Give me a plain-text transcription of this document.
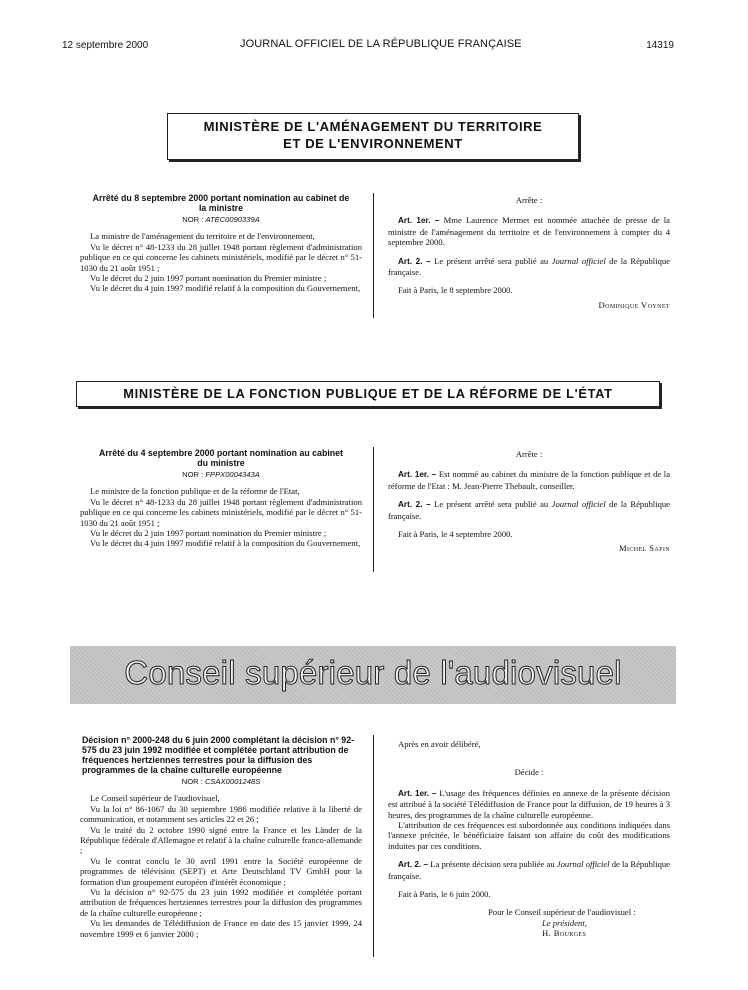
12 septembre 2000	JOURNAL OFFICIEL DE LA RÉPUBLIQUE FRANÇAISE	14319
MINISTÈRE DE L'AMÉNAGEMENT DU TERRITOIRE
ET DE L'ENVIRONNEMENT

Arrêté du 8 septembre 2000 portant nomination au cabinet de la ministre

NOR : ATEC0090339A

La ministre de l'aménagement du territoire et de l'environnement,

Vu le décret n° 48-1233 du 28 juillet 1948 portant règlement d'administration publique en ce qui concerne les cabinets ministériels, modifié par le décret n° 51-1030 du 21 août 1951 ;

Vu le décret du 2 juin 1997 portant nomination du Premier ministre ;

Vu le décret du 4 juin 1997 modifié relatif à la composition du Gouvernement,

Arrête :

Art. 1er. – Mme Laurence Mermet est nommée attachée de presse de la ministre de l'aménagement du territoire et de l'environnement à compter du 4 septembre 2000.

Art. 2. – Le présent arrêté sera publié au Journal officiel de la République française.

Fait à Paris, le 8 septembre 2000.

Dominique Voynet

MINISTÈRE DE LA FONCTION PUBLIQUE ET DE LA RÉFORME DE L'ÉTAT

Arrêté du 4 septembre 2000 portant nomination au cabinet du ministre

NOR : FPPX0004343A

Le ministre de la fonction publique et de la réforme de l'Etat,

Vu le décret n° 48-1233 du 28 juillet 1948 portant règlement d'administration publique en ce qui concerne les cabinets ministériels, modifié par le décret n° 51-1030 du 21 août 1951 ;

Vu le décret du 2 juin 1997 portant nomination du Premier ministre ;

Vu le décret du 4 juin 1997 modifié relatif à la composition du Gouvernement,

Arrête :

Art. 1er. – Est nommé au cabinet du ministre de la fonction publique et de la réforme de l'Etat : M. Jean-Pierre Thebault, conseiller.

Art. 2. – Le présent arrêté sera publié au Journal officiel de la République française.

Fait à Paris, le 4 septembre 2000.

Michel Sapin

Conseil supérieur de l'audiovisuel

Décision n° 2000-248 du 6 juin 2000 complétant la décision n° 92-575 du 23 juin 1992 modifiée et complétée portant attribution de fréquences hertziennes terrestres pour la diffusion des programmes de la chaîne culturelle européenne

NOR : CSAX0001248S

Le Conseil supérieur de l'audiovisuel,

Vu la loi n° 86-1067 du 30 septembre 1986 modifiée relative à la liberté de communication, et notamment ses articles 22 et 26 ;

Vu le traité du 2 octobre 1990 signé entre la France et les Länder de la République fédérale d'Allemagne et relatif à la chaîne culturelle franco-allemande ;

Vu le contrat conclu le 30 avril 1991 entre la Société européenne de programmes de télévision (SEPT) et Arte Deutschland TV GmbH pour la formation d'un groupement européen d'intérêt économique ;

Vu la décision n° 92-575 du 23 juin 1992 modifiée et complétée portant attribution de fréquences hertziennes terrestres pour la diffusion des programmes de la chaîne culturelle européenne ;

Vu les demandes de Télédiffusion de France en date des 15 janvier 1999, 24 novembre 1999 et 6 janvier 2000 ;

Après en avoir délibéré,

Décide :

Art. 1er. – L'usage des fréquences définies en annexe de la présente décision est attribué à la société Télédiffusion de France pour la diffusion, de 19 heures à 3 heures, des programmes de la chaîne culturelle européenne.

L'attribution de ces fréquences est subordonnée aux conditions indiquées dans l'annexe précitée, le bénéficiaire faisant son affaire du coût des modifications induites par ces conditions.

Art. 2. – La présente décision sera publiée au Journal officiel de la République française.

Fait à Paris, le 6 juin 2000.

Pour le Conseil supérieur de l'audiovisuel :

Le président,

H. Bourges
